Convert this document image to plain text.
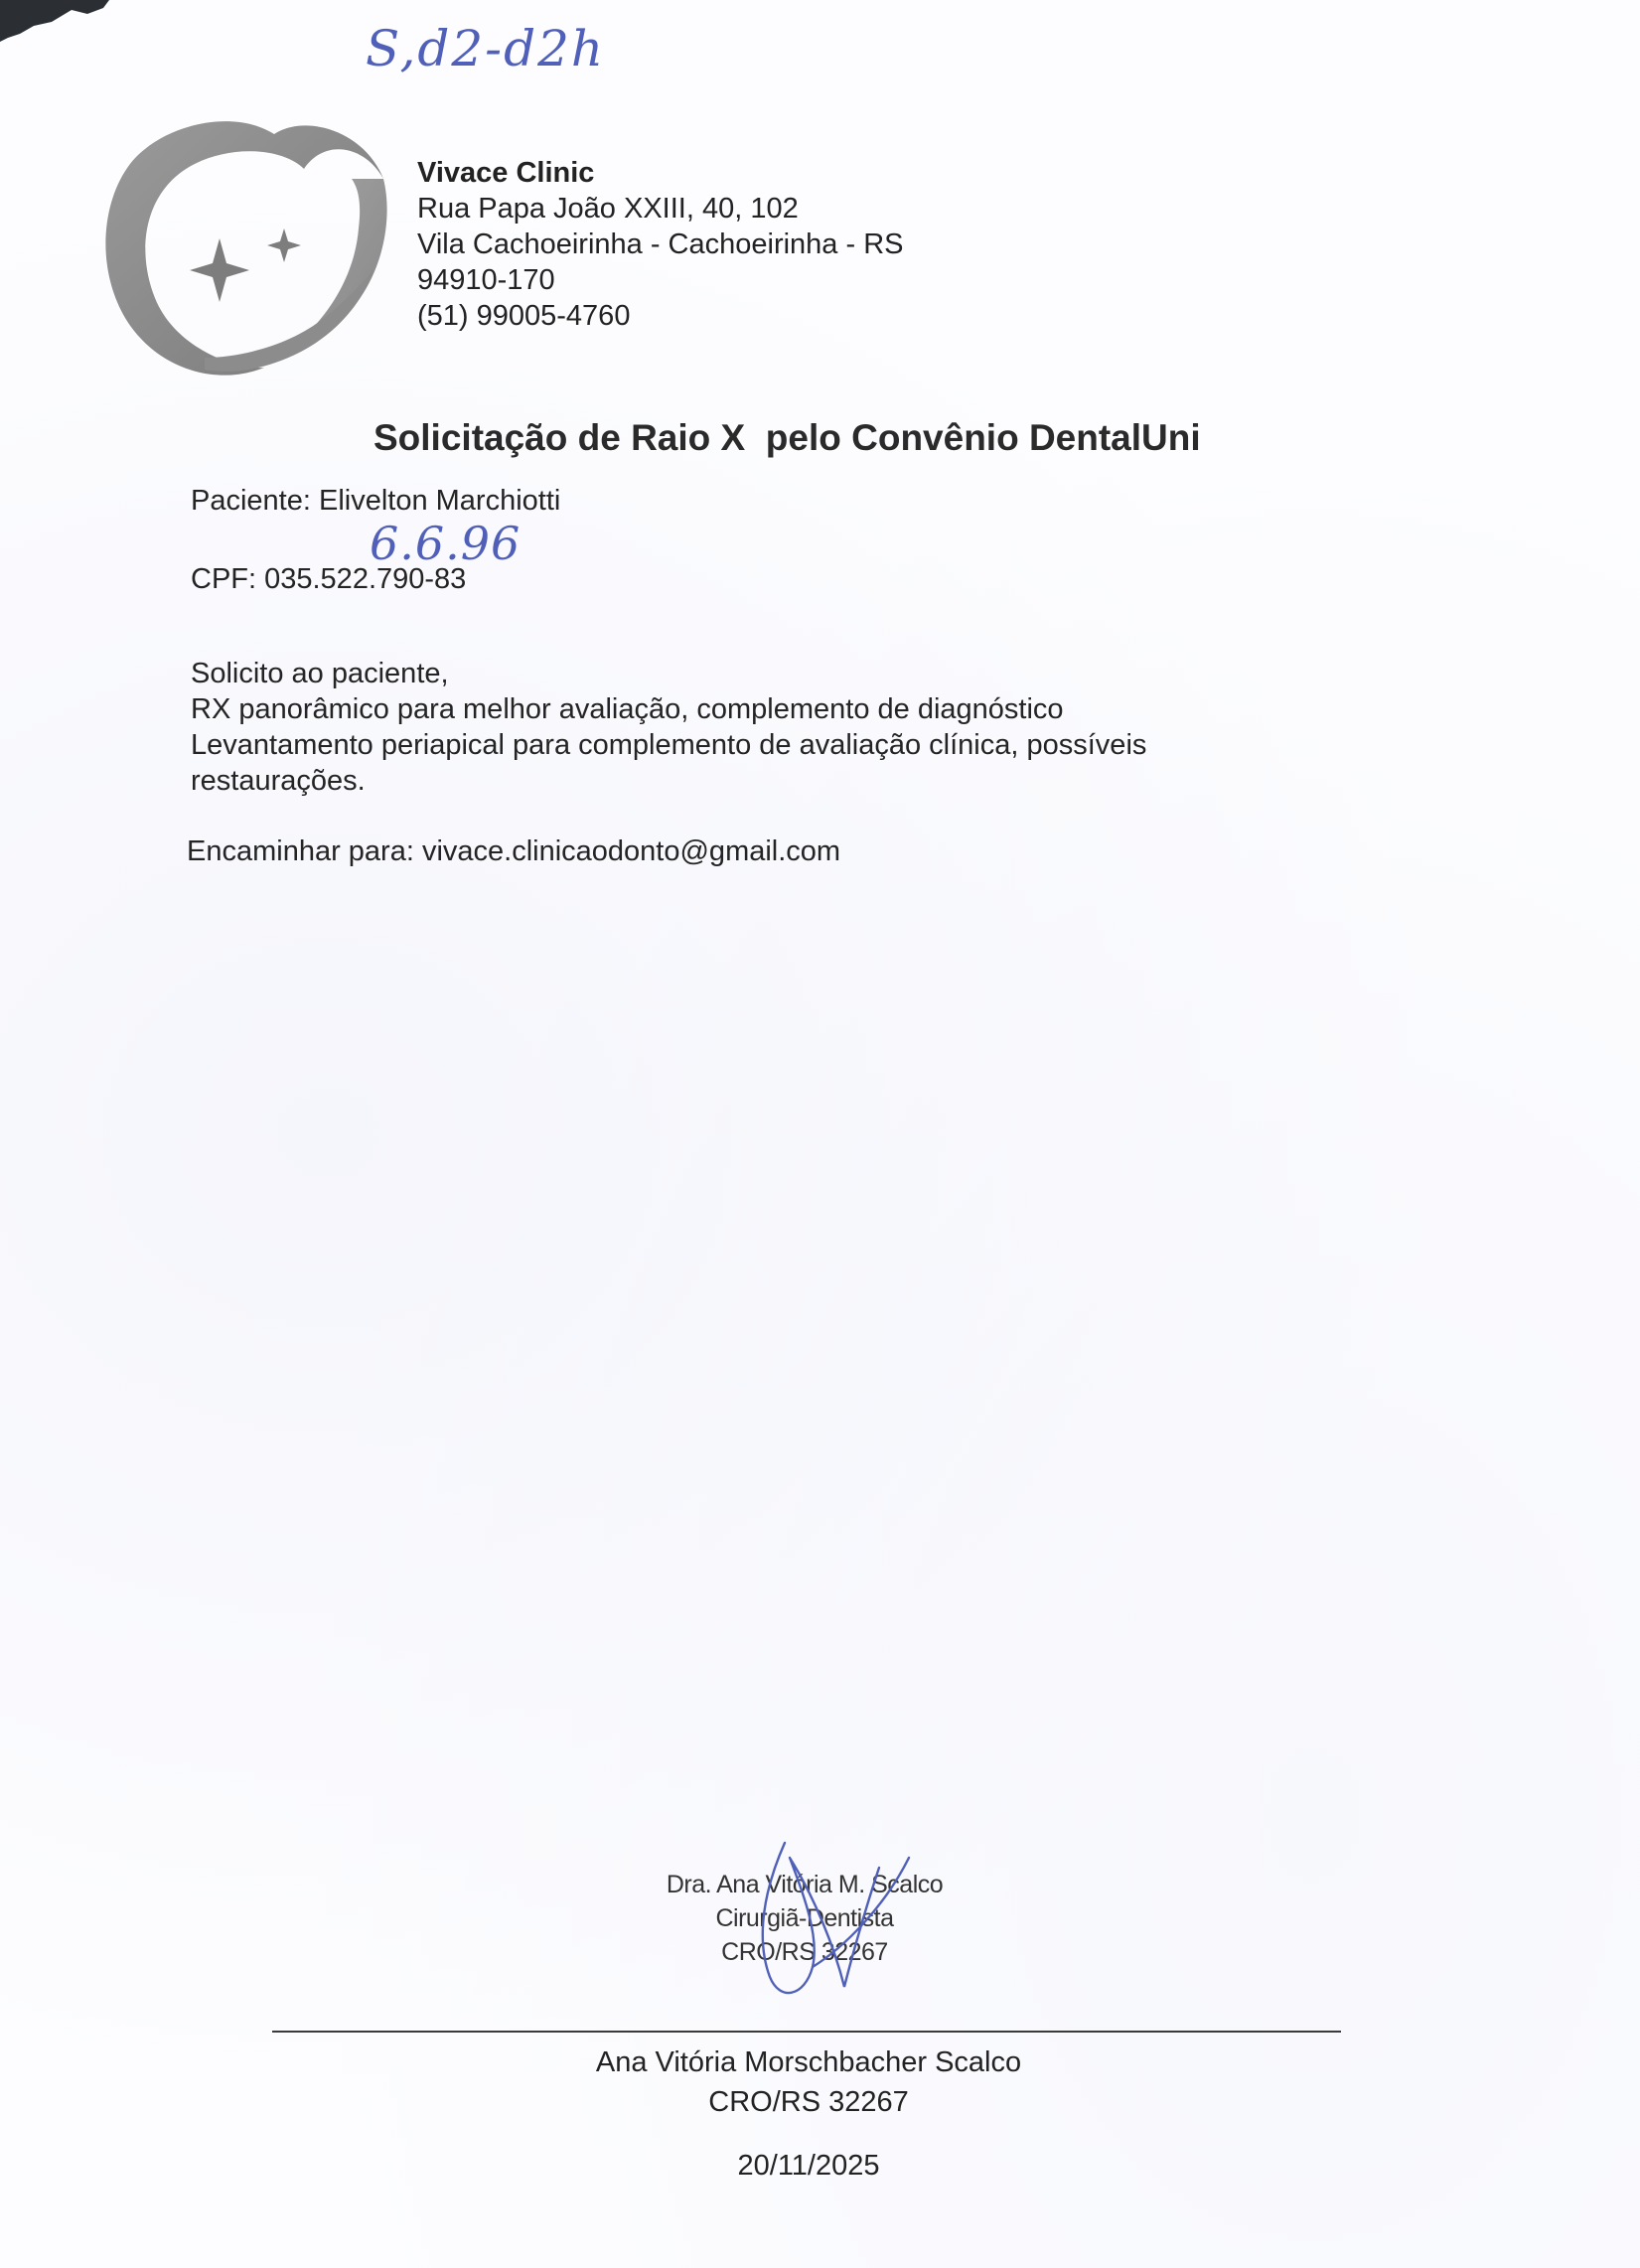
S,d2-d2h
Vivace Clinic
Rua Papa João XXIII, 40, 102
Vila Cachoeirinha - Cachoeirinha - RS
94910-170
(51) 99005-4760
Solicitação de Raio X  pelo Convênio DentalUni
Paciente: Elivelton Marchiotti
6.6.96
CPF: 035.522.790-83
Solicito ao paciente,
RX panorâmico para melhor avaliação, complemento de diagnóstico
Levantamento periapical para complemento de avaliação clínica, possíveis
restaurações.
Encaminhar para: vivace.clinicaodonto@gmail.com
Dra. Ana Vitória M. Scalco
Cirurgiã-Dentista
CRO/RS 32267
Ana Vitória Morschbacher Scalco
CRO/RS 32267
20/11/2025
